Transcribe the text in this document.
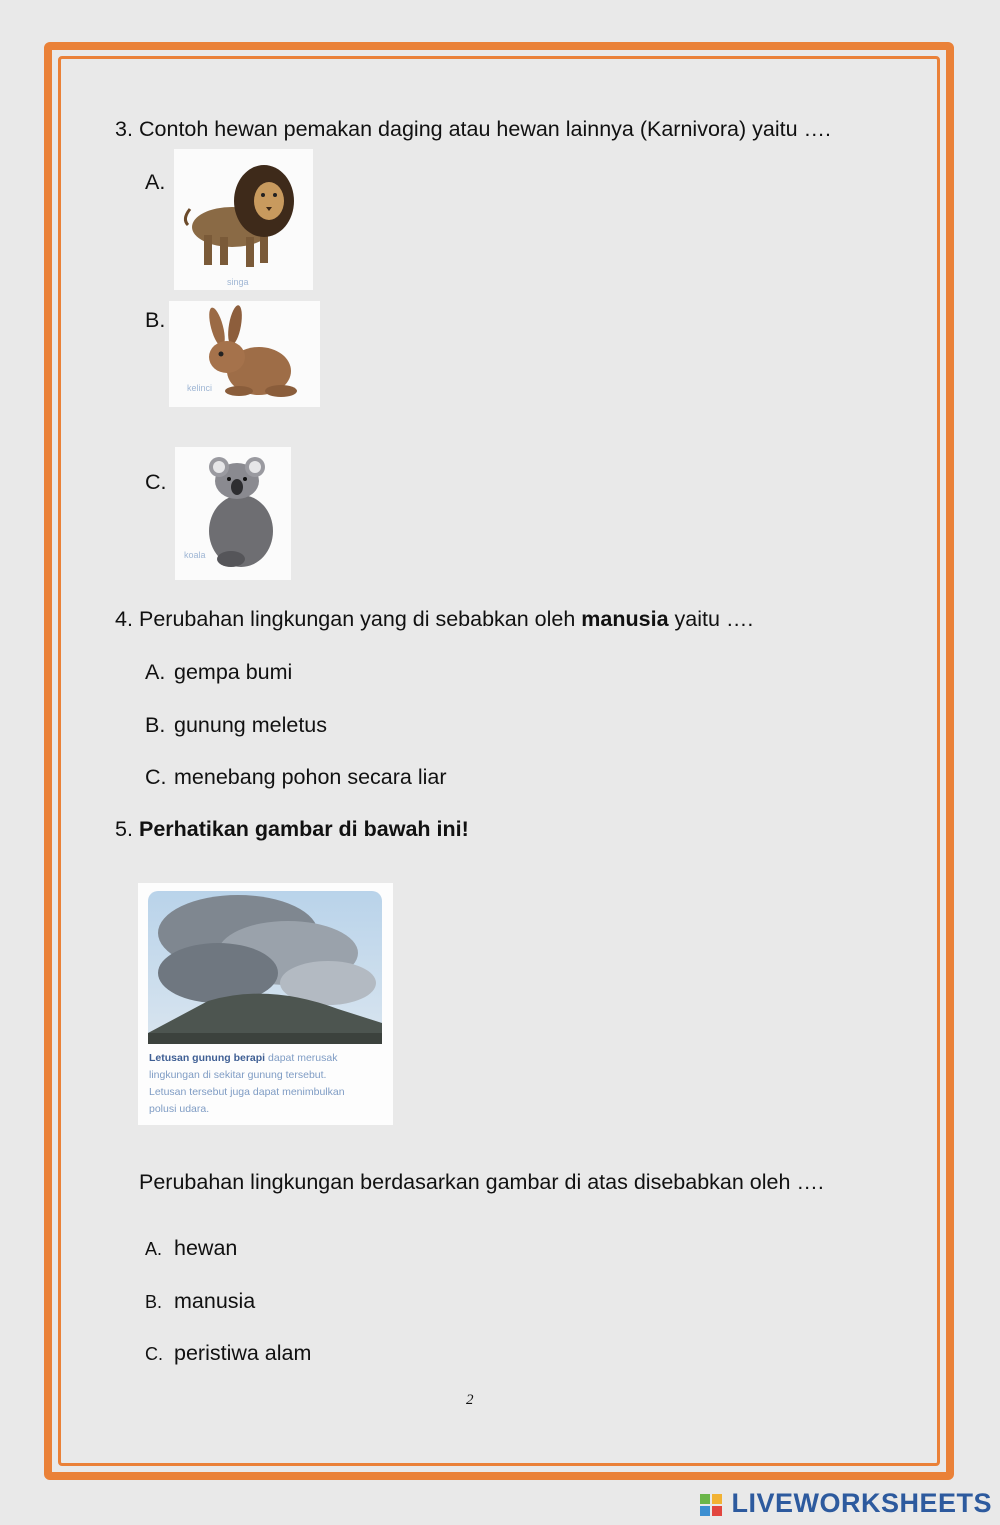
3. Contoh hewan pemakan daging atau hewan lainnya (Karnivora) yaitu ….
A.
singa
B.
kelinci
C.
koala
4. Perubahan lingkungan yang di sebabkan oleh manusia yaitu ….
A. gempa bumi
B. gunung meletus
C. menebang pohon secara liar
5. Perhatikan gambar di bawah ini!
Letusan gunung berapi dapat merusak
lingkungan di sekitar gunung tersebut.
Letusan tersebut juga dapat menimbulkan
polusi udara.
Perubahan lingkungan berdasarkan gambar di atas disebabkan oleh ….
A. hewan
B. manusia
C. peristiwa alam
2
LIVEWORKSHEETS
